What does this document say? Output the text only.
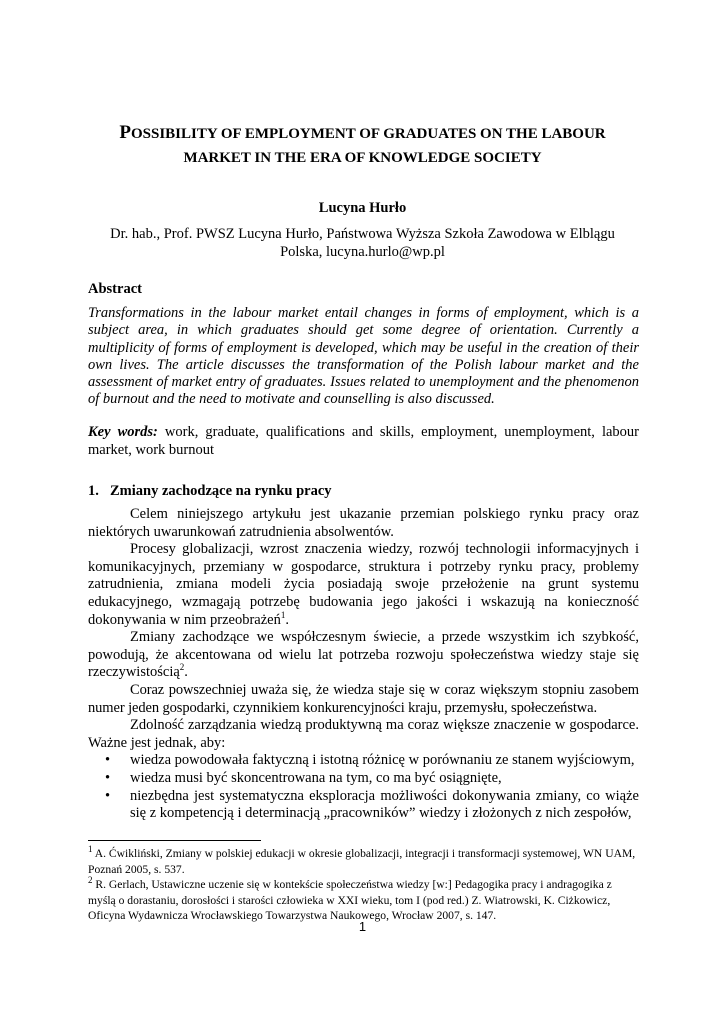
POSSIBILITY OF EMPLOYMENT OF GRADUATES ON THE LABOUR
MARKET IN THE ERA OF KNOWLEDGE SOCIETY
Lucyna Hurło
Dr. hab., Prof. PWSZ Lucyna Hurło, Państwowa Wyższa Szkoła Zawodowa w Elblągu
Polska, lucyna.hurlo@wp.pl
Abstract
Transformations in the labour market entail changes in forms of employment, which is a subject area, in which graduates should get some degree of orientation. Currently a multiplicity of forms of employment is developed, which may be useful in the creation of their own lives. The article discusses the transformation of the Polish labour market and the assessment of market entry of graduates. Issues related to unemployment and the phenomenon of burnout and the need to motivate and counselling is also discussed.
Key words: work, graduate, qualifications and skills, employment, unemployment, labour market, work burnout
1. Zmiany zachodzące na rynku pracy

Celem niniejszego artykułu jest ukazanie przemian polskiego rynku pracy oraz niektórych uwarunkowań zatrudnienia absolwentów.

Procesy globalizacji, wzrost znaczenia wiedzy, rozwój technologii informacyjnych i komunikacyjnych, przemiany w gospodarce, struktura i potrzeby rynku pracy, problemy zatrudnienia, zmiana modeli życia posiadają swoje przełożenie na grunt systemu edukacyjnego, wzmagają potrzebę budowania jego jakości i wskazują na konieczność dokonywania w nim przeobrażeń$^1$.

Zmiany zachodzące we współczesnym świecie, a przede wszystkim ich szybkość, powodują, że akcentowana od wielu lat potrzeba rozwoju społeczeństwa wiedzy staje się rzeczywistością$^2$.

Coraz powszechniej uważa się, że wiedza staje się w coraz większym stopniu zasobem numer jeden gospodarki, czynnikiem konkurencyjności kraju, przemysłu, społeczeństwa.

Zdolność zarządzania wiedzą produktywną ma coraz większe znaczenie w gospodarce. Ważne jest jednak, aby:

• wiedza powodowała faktyczną i istotną różnicę w porównaniu ze stanem wyjściowym,
• wiedza musi być skoncentrowana na tym, co ma być osiągnięte,
• niezbędna jest systematyczna eksploracja możliwości dokonywania zmiany, co wiąże się z kompetencją i determinacją „pracowników” wiedzy i złożonych z nich zespołów,

$^1$ A. Ćwikliński, Zmiany w polskiej edukacji w okresie globalizacji, integracji i transformacji systemowej, WN UAM, Poznań 2005, s. 537.

$^2$ R. Gerlach, Ustawiczne uczenie się w kontekście społeczeństwa wiedzy [w:] Pedagogika pracy i andragogika z myślą o dorastaniu, dorosłości i starości człowieka w XXI wieku, tom I (pod red.) Z. Wiatrowski, K. Ciżkowicz, Oficyna Wydawnicza Wrocławskiego Towarzystwa Naukowego, Wrocław 2007, s. 147.

1
